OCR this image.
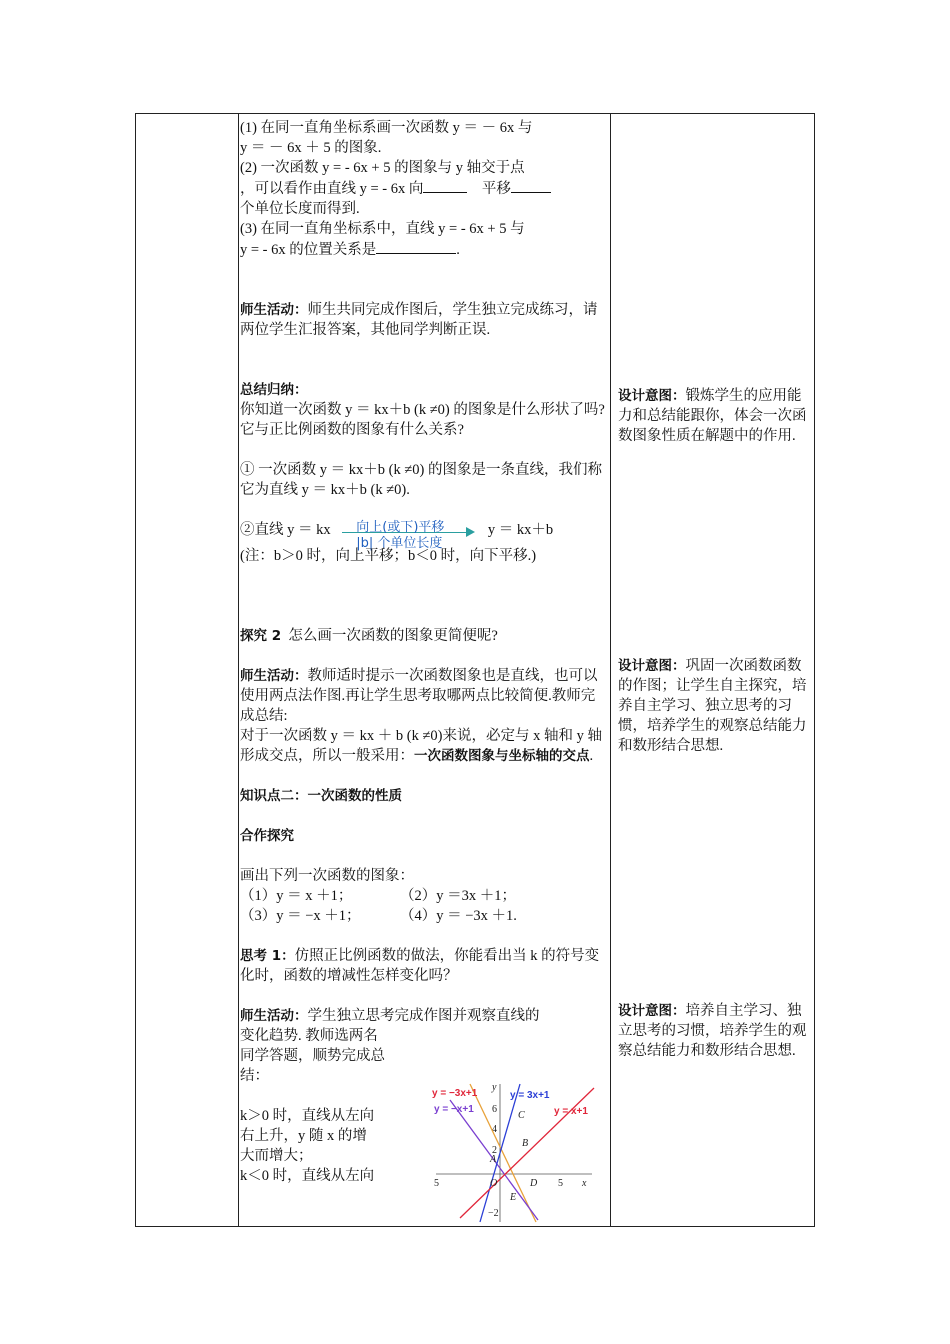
(1) 在同一直角坐标系画一次函数 y ＝ － 6x 与

y ＝ － 6x ＋ 5 的图象.

(2) 一次函数 y = - 6x + 5 的图象与 y 轴交于点

，可以看作由直线 y = - 6x 向	平移

个单位长度而得到.

(3) 在同一直角坐标系中，直线 y = - 6x + 5 与

y = - 6x 的位置关系是	.

师生活动：师生共同完成作图后，学生独立完成练习，请两位学生汇报答案，其他同学判断正误.

总结归纳：

你知道一次函数 y ＝ kx＋b (k ≠0) 的图象是什么形状了吗?它与正比例函数的图象有什么关系?

① 一次函数 y ＝ kx＋b (k ≠0) 的图象是一条直线，我们称它为直线 y ＝ kx＋b (k ≠0).

②直线 y ＝ kx 向上(或下)平移
|b| 个单位长度
y ＝ kx＋b

(注：b＞0 时，向上平移；b＜0 时，向下平移.)

探究 2 怎么画一次函数的图象更简便呢?

师生活动：教师适时提示一次函数图象也是直线，也可以使用两点法作图.再让学生思考取哪两点比较简便.教师完成总结:

对于一次函数 y ＝ kx ＋ b (k ≠0)来说，必定与 x 轴和 y 轴形成交点，所以一般采用：一次函数图象与坐标轴的交点.

知识点二：一次函数的性质

合作探究

画出下列一次函数的图象：

（1）y ＝ x ＋1；	（2）y ＝3x ＋1；

（3）y ＝ −x ＋1；	（4）y ＝ −3x ＋1.

思考 1：仿照正比例函数的做法，你能看出当 k 的符号变化时，函数的增减性怎样变化吗？

师生活动：学生独立思考完成作图并观察直线的

变化趋势. 教师选两名

同学答题，顺势完成总

结：

k＞0 时，直线从左向

右上升，y 随 x 的增

大而增大；

k＜0 时，直线从左向

设计意图：锻炼学生的应用能力和总结能跟你，体会一次函数图象性质在解题中的作用.
设计意图：巩固一次函数函数的作图；让学生自主探究，培养自主学习、独立思考的习惯，培养学生的观察总结能力和数形结合思想.
设计意图：培养自主学习、独立思考的习惯，培养学生的观察总结能力和数形结合思想.
x
y
6
4
2
−2
5	5
y = −3x+1	y = 3x+1
y = −x+1	y = x+1
A
B
C
D
E
O
